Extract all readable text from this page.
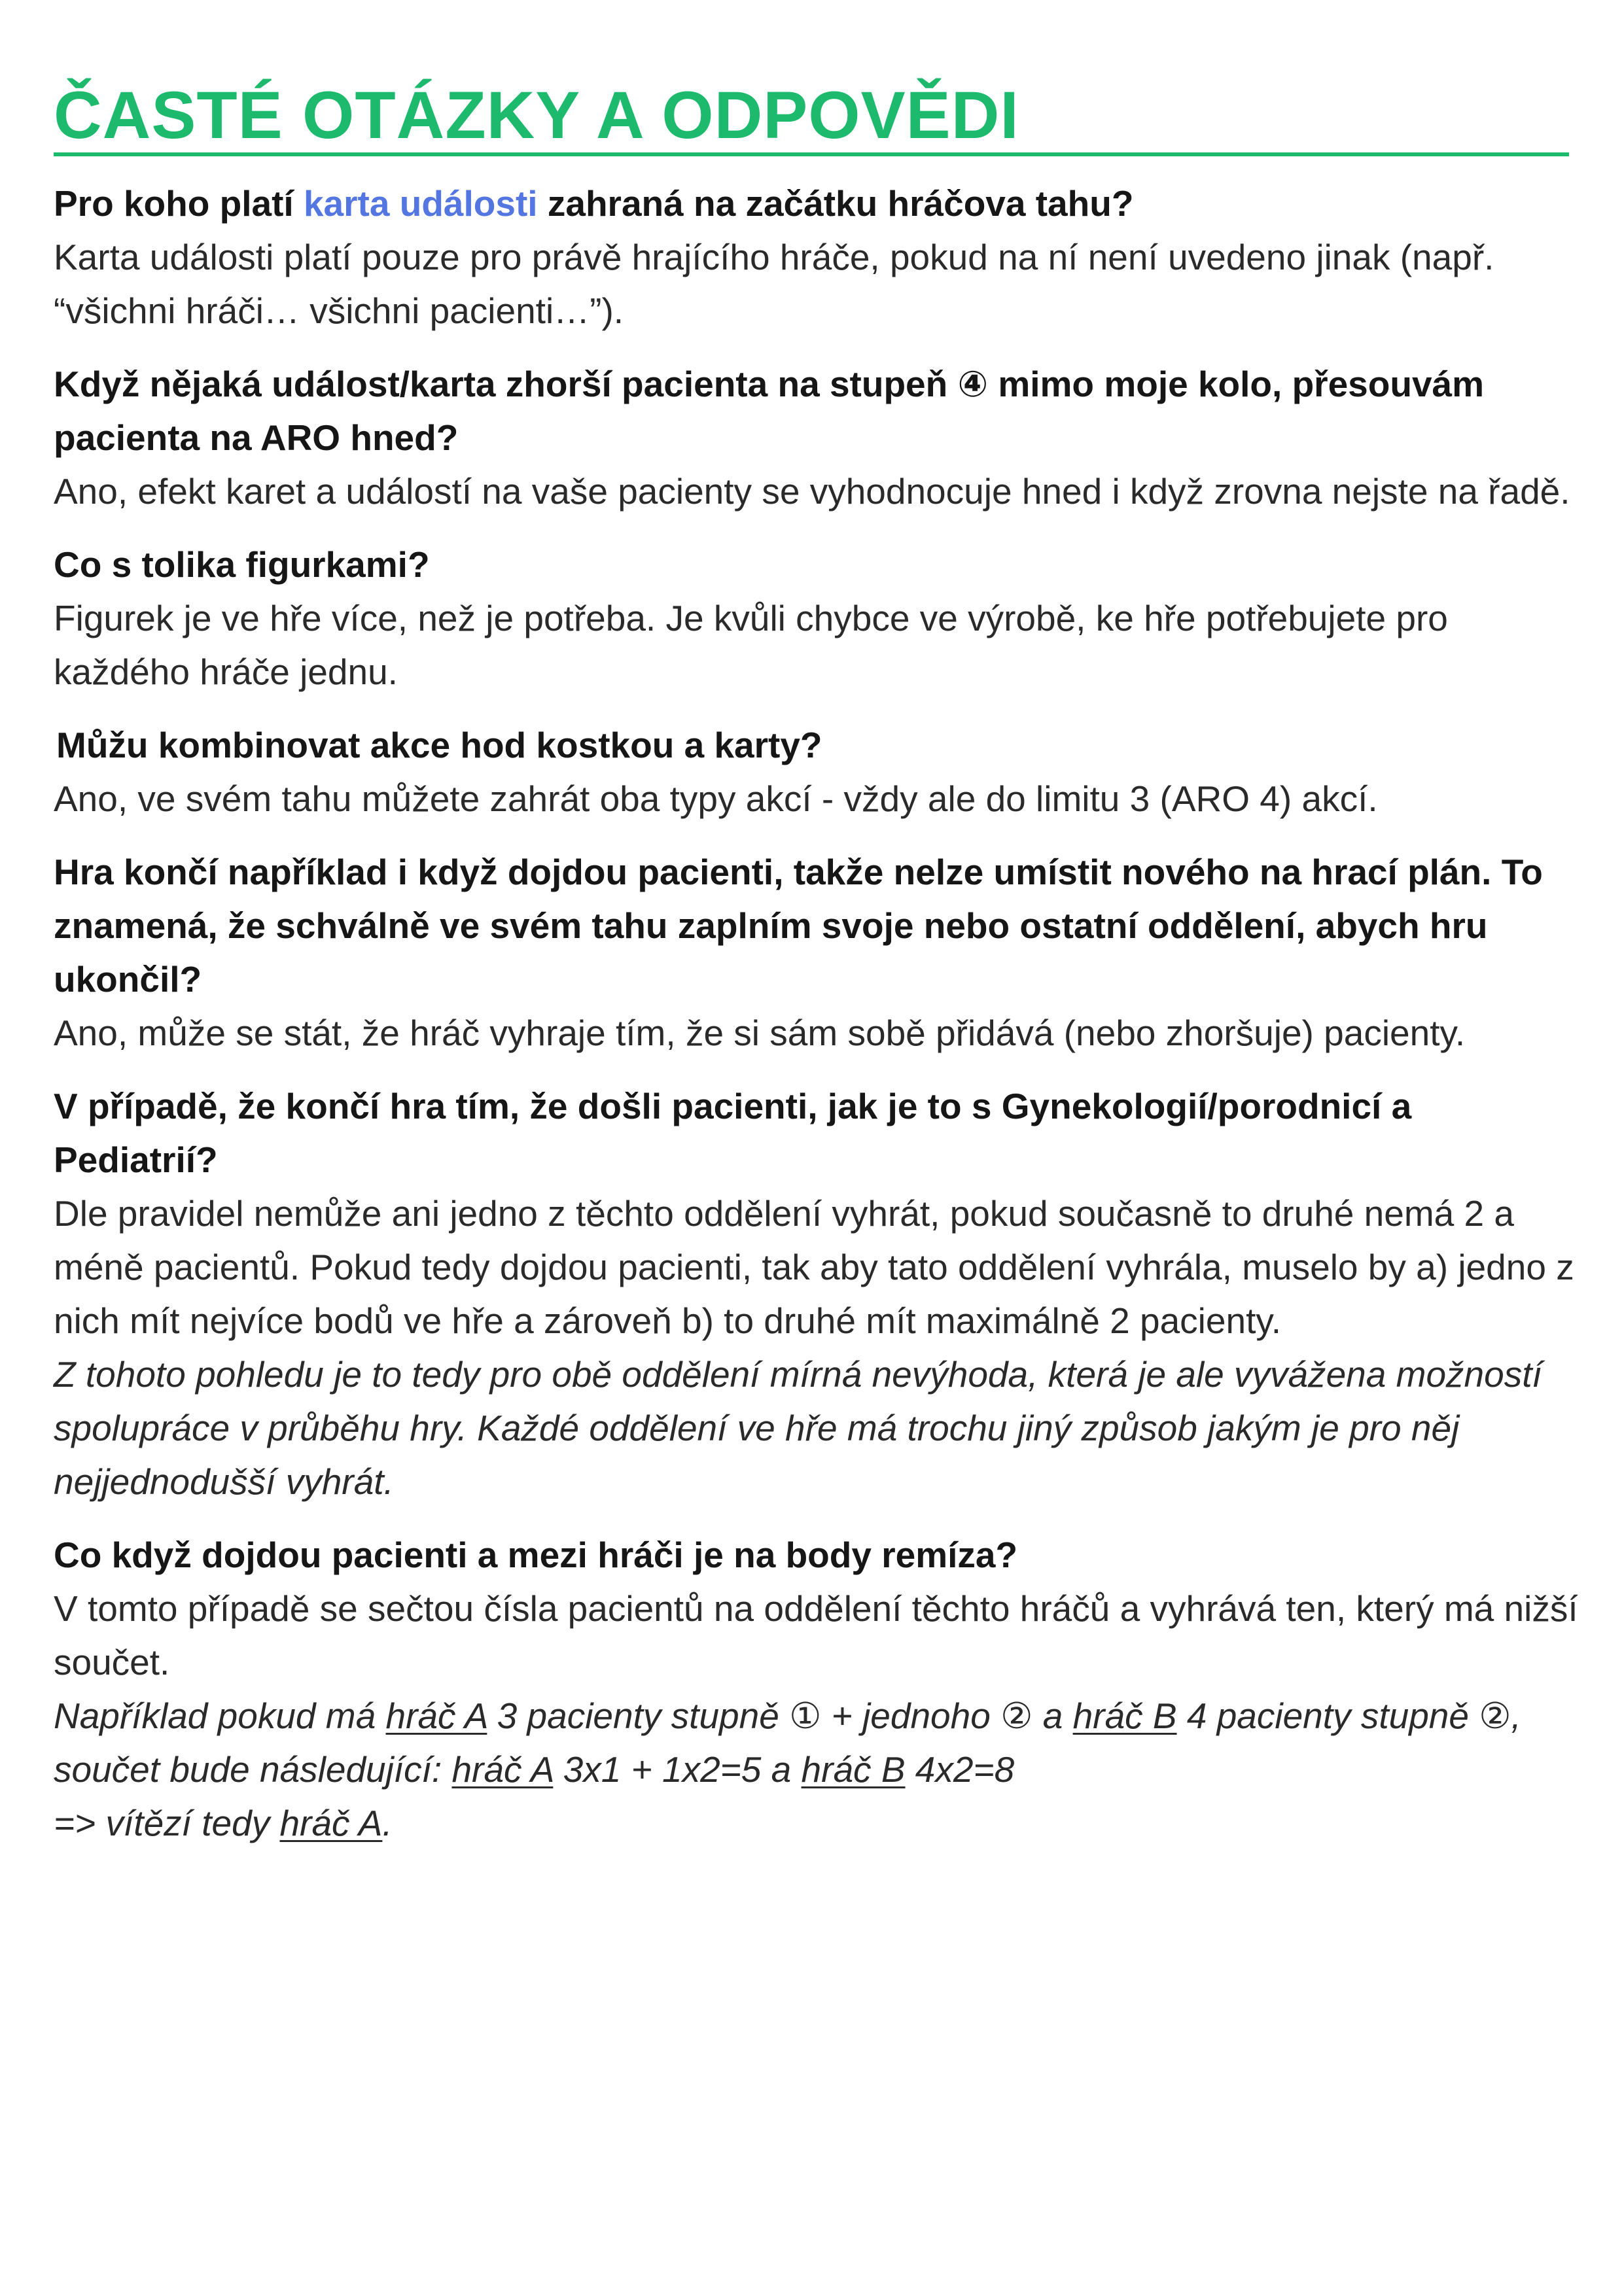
ČASTÉ OTÁZKY A ODPOVĚDI
Pro koho platí karta události zahraná na začátku hráčova tahu?
Karta události platí pouze pro právě hrajícího hráče, pokud na ní není uvedeno jinak (např. “všichni hráči… všichni pacienti…”).
Když nějaká událost/karta zhorší pacienta na stupeň ④ mimo moje kolo, přesouvám pacienta na ARO hned?
Ano, efekt karet a událostí na vaše pacienty se vyhodnocuje hned i když zrovna nejste na řadě.
Co s tolika figurkami?
Figurek je ve hře více, než je potřeba. Je kvůli chybce ve výrobě, ke hře potřebujete pro každého hráče jednu.
Můžu kombinovat akce hod kostkou a karty?
Ano, ve svém tahu můžete zahrát oba typy akcí - vždy ale do limitu 3 (ARO 4) akcí.
Hra končí například i když dojdou pacienti, takže nelze umístit nového na hrací plán. To znamená, že schválně ve svém tahu zaplním svoje nebo ostatní oddělení, abych hru ukončil?
Ano, může se stát, že hráč vyhraje tím, že si sám sobě přidává (nebo zhoršuje) pacienty.
V případě, že končí hra tím, že došli pacienti, jak je to s Gynekologií/porodnicí a Pediatrií?
Dle pravidel nemůže ani jedno z těchto oddělení vyhrát, pokud současně to druhé nemá 2 a méně pacientů. Pokud tedy dojdou pacienti, tak aby tato oddělení vyhrála, muselo by a) jedno z nich mít nejvíce bodů ve hře a zároveň b) to druhé mít maximálně 2 pacienty.
Z tohoto pohledu je to tedy pro obě oddělení mírná nevýhoda, která je ale vyvážena možností spolupráce v průběhu hry. Každé oddělení ve hře má trochu jiný způsob jakým je pro něj nejjednodušší vyhrát.
Co když dojdou pacienti a mezi hráči je na body remíza?
V tomto případě se sečtou čísla pacientů na oddělení těchto hráčů a vyhrává ten, který má nižší součet.
Například pokud má hráč A 3 pacienty stupně ① + jednoho ② a hráč B 4 pacienty stupně ②, součet bude následující: hráč A 3x1 + 1x2=5 a hráč B 4x2=8
=> vítězí tedy hráč A.
